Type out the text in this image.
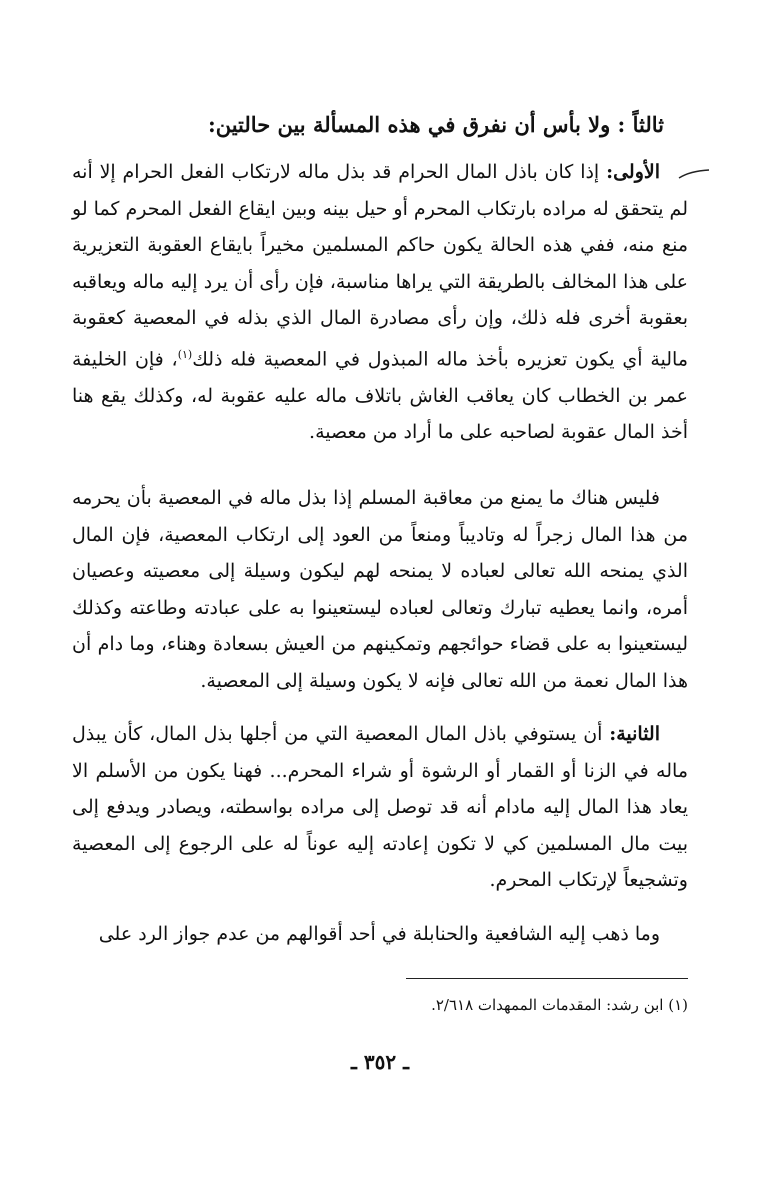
ثالثاً : ولا بأس أن نفرق في هذه المسألة بين حالتين:
الأولى: إذا كان باذل المال الحرام قد بذل ماله لارتكاب الفعل الحرام إلا أنه لم يتحقق له مراده بارتكاب المحرم أو حيل بينه وبين ايقاع الفعل المحرم كما لو منع منه، ففي هذه الحالة يكون حاكم المسلمين مخيراً بايقاع العقوبة التعزيرية على هذا المخالف بالطريقة التي يراها مناسبة، فإن رأى أن يرد إليه ماله ويعاقبه بعقوبة أخرى فله ذلك، وإن رأى مصادرة المال الذي بذله في المعصية كعقوبة مالية أي يكون تعزيره بأخذ ماله المبذول في المعصية فله ذلك$^{(١)}$، فإن الخليفة عمر بن الخطاب كان يعاقب الغاش باتلاف ماله عليه عقوبة له، وكذلك يقع هنا أخذ المال عقوبة لصاحبه على ما أراد من معصية.
فليس هناك ما يمنع من معاقبة المسلم إذا بذل ماله في المعصية بأن يحرمه من هذا المال زجراً له وتاديباً ومنعاً من العود إلى ارتكاب المعصية، فإن المال الذي يمنحه الله تعالى لعباده لا يمنحه لهم ليكون وسيلة إلى معصيته وعصيان أمره، وانما يعطيه تبارك وتعالى لعباده ليستعينوا به على عبادته وطاعته وكذلك ليستعينوا به على قضاء حوائجهم وتمكينهم من العيش بسعادة وهناء، وما دام أن هذا المال نعمة من الله تعالى فإنه لا يكون وسيلة إلى المعصية.
الثانية: أن يستوفي باذل المال المعصية التي من أجلها بذل المال، كأن يبذل ماله في الزنا أو القمار أو الرشوة أو شراء المحرم... فهنا يكون من الأسلم الا يعاد هذا المال إليه مادام أنه قد توصل إلى مراده بواسطته، ويصادر ويدفع إلى بيت مال المسلمين كي لا تكون إعادته إليه عوناً له على الرجوع إلى المعصية وتشجيعاً لإرتكاب المحرم.
وما ذهب إليه الشافعية والحنابلة في أحد أقوالهم من عدم جواز الرد على
(١) ابن رشد: المقدمات الممهدات ٢/٦١٨.
ـ ٣٥٢ ـ
